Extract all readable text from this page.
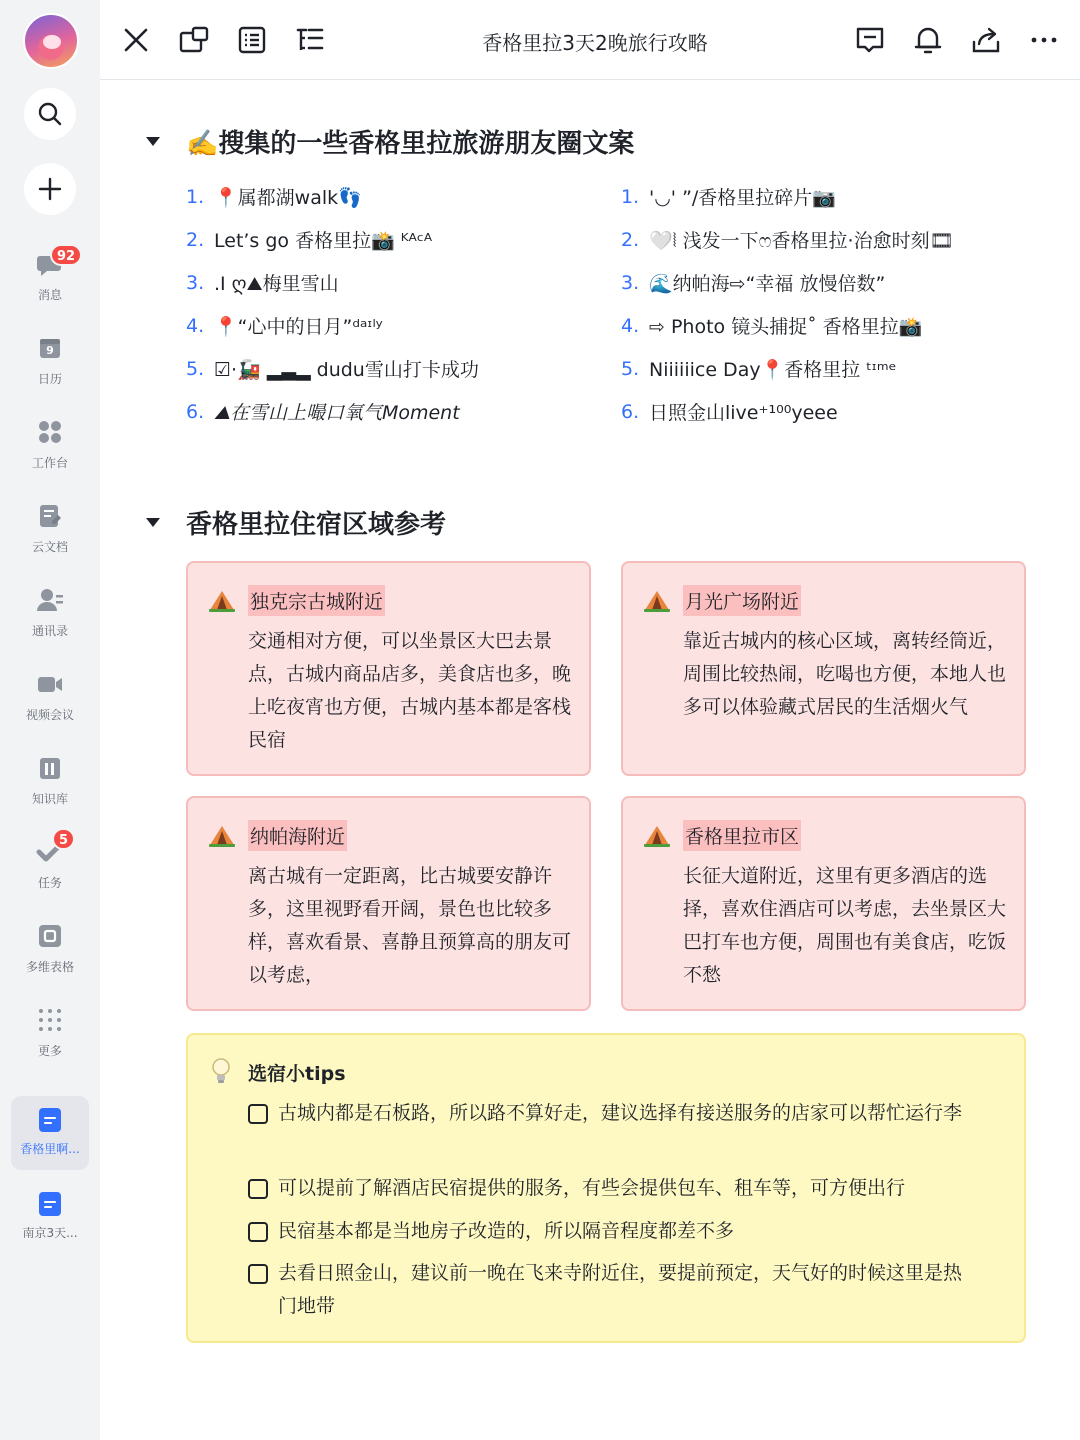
92
消息
9
日历
工作台
云文档
通讯录
视频会议
知识库
5
任务
多维表格
更多
香格里啊...
南京3天...
香格里拉3天2晚旅行攻略
✍️搜集的一些香格里拉旅游朋友圈文案
1. 📍属都湖walk👣
2. Let’s go 香格里拉📸 ᴷᴬᶜᴬ
3. .I ღ⛰梅里雪山
4. 📍“心中的日月”ᵈᵃᶦˡʸ
5. ☑·🚂 ▂▃▂ dudu雪山打卡成功
6. ⛰在雪山上嘬口氧气Moment
1. '◡' ”/香格里拉碎片📷
2. 🤍⦚ 浅发一下ෆ香格里拉·治愈时刻🎞
3. 🌊纳帕海⇨“幸福 放慢倍数”
4. ⇨ Photo 镜头捕捉˚ 香格里拉📸
5. Niiiiiice Day📍香格里拉 ᵗᶦᵐᵉ
6. 日照金山live⁺¹⁰⁰yeee
香格里拉住宿区域参考
独克宗古城附近
交通相对方便，可以坐景区大巴去景点，古城内商品店多，美食店也多，晚上吃夜宵也方便，古城内基本都是客栈民宿
月光广场附近
靠近古城内的核心区域，离转经筒近，周围比较热闹，吃喝也方便，本地人也多可以体验藏式居民的生活烟火气
纳帕海附近
离古城有一定距离，比古城要安静许多，这里视野看开阔，景色也比较多样，喜欢看景、喜静且预算高的朋友可以考虑，
香格里拉市区
长征大道附近，这里有更多酒店的选择，喜欢住酒店可以考虑，去坐景区大巴打车也方便，周围也有美食店，吃饭不愁
选宿小tips
古城内都是石板路，所以路不算好走，建议选择有接送服务的店家可以帮忙运行李
可以提前了解酒店民宿提供的服务，有些会提供包车、租车等，可方便出行
民宿基本都是当地房子改造的，所以隔音程度都差不多
去看日照金山，建议前一晚在飞来寺附近住，要提前预定，天气好的时候这里是热门地带
